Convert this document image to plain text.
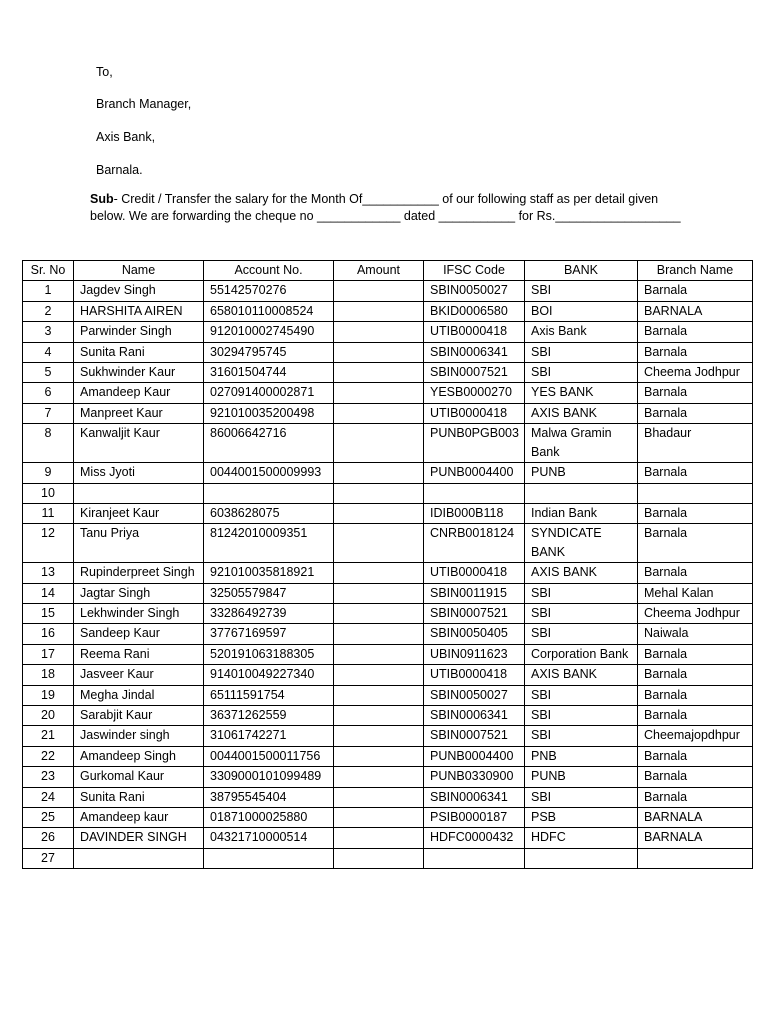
To,
Branch Manager,
Axis Bank,
Barnala.
Sub- Credit / Transfer the salary for the Month Of___________ of our following staff as per detail given
below. We are forwarding the cheque no ____________ dated ___________ for Rs.__________________
Sr. No	Name	Account No.	Amount	IFSC Code	BANK	Branch Name
1	Jagdev Singh	55142570276		SBIN0050027	SBI	Barnala
2	HARSHITA AIREN	658010110008524		BKID0006580	BOI	BARNALA
3	Parwinder Singh	912010002745490		UTIB0000418	Axis Bank	Barnala
4	Sunita Rani	30294795745		SBIN0006341	SBI	Barnala
5	Sukhwinder Kaur	31601504744		SBIN0007521	SBI	Cheema Jodhpur
6	Amandeep Kaur	027091400002871		YESB0000270	YES BANK	Barnala
7	Manpreet Kaur	921010035200498		UTIB0000418	AXIS BANK	Barnala
8	Kanwaljit Kaur	86006642716		PUNB0PGB003	Malwa Gramin Bank	Bhadaur
9	Miss Jyoti	0044001500009993		PUNB0004400	PUNB	Barnala
10						
11	Kiranjeet Kaur	6038628075		IDIB000B118	Indian Bank	Barnala
12	Tanu Priya	81242010009351		CNRB0018124	SYNDICATE BANK	Barnala
13	Rupinderpreet Singh	921010035818921		UTIB0000418	AXIS BANK	Barnala
14	Jagtar Singh	32505579847		SBIN0011915	SBI	Mehal Kalan
15	Lekhwinder Singh	33286492739		SBIN0007521	SBI	Cheema Jodhpur
16	Sandeep Kaur	37767169597		SBIN0050405	SBI	Naiwala
17	Reema Rani	520191063188305		UBIN0911623	Corporation Bank	Barnala
18	Jasveer Kaur	914010049227340		UTIB0000418	AXIS BANK	Barnala
19	Megha Jindal	65111591754		SBIN0050027	SBI	Barnala
20	Sarabjit Kaur	36371262559		SBIN0006341	SBI	Barnala
21	Jaswinder singh	31061742271		SBIN0007521	SBI	Cheemajopdhpur
22	Amandeep Singh	0044001500011756		PUNB0004400	PNB	Barnala
23	Gurkomal Kaur	3309000101099489		PUNB0330900	PUNB	Barnala
24	Sunita Rani	38795545404		SBIN0006341	SBI	Barnala
25	Amandeep kaur	01871000025880		PSIB0000187	PSB	BARNALA
26	DAVINDER SINGH	04321710000514		HDFC0000432	HDFC	BARNALA
27						
